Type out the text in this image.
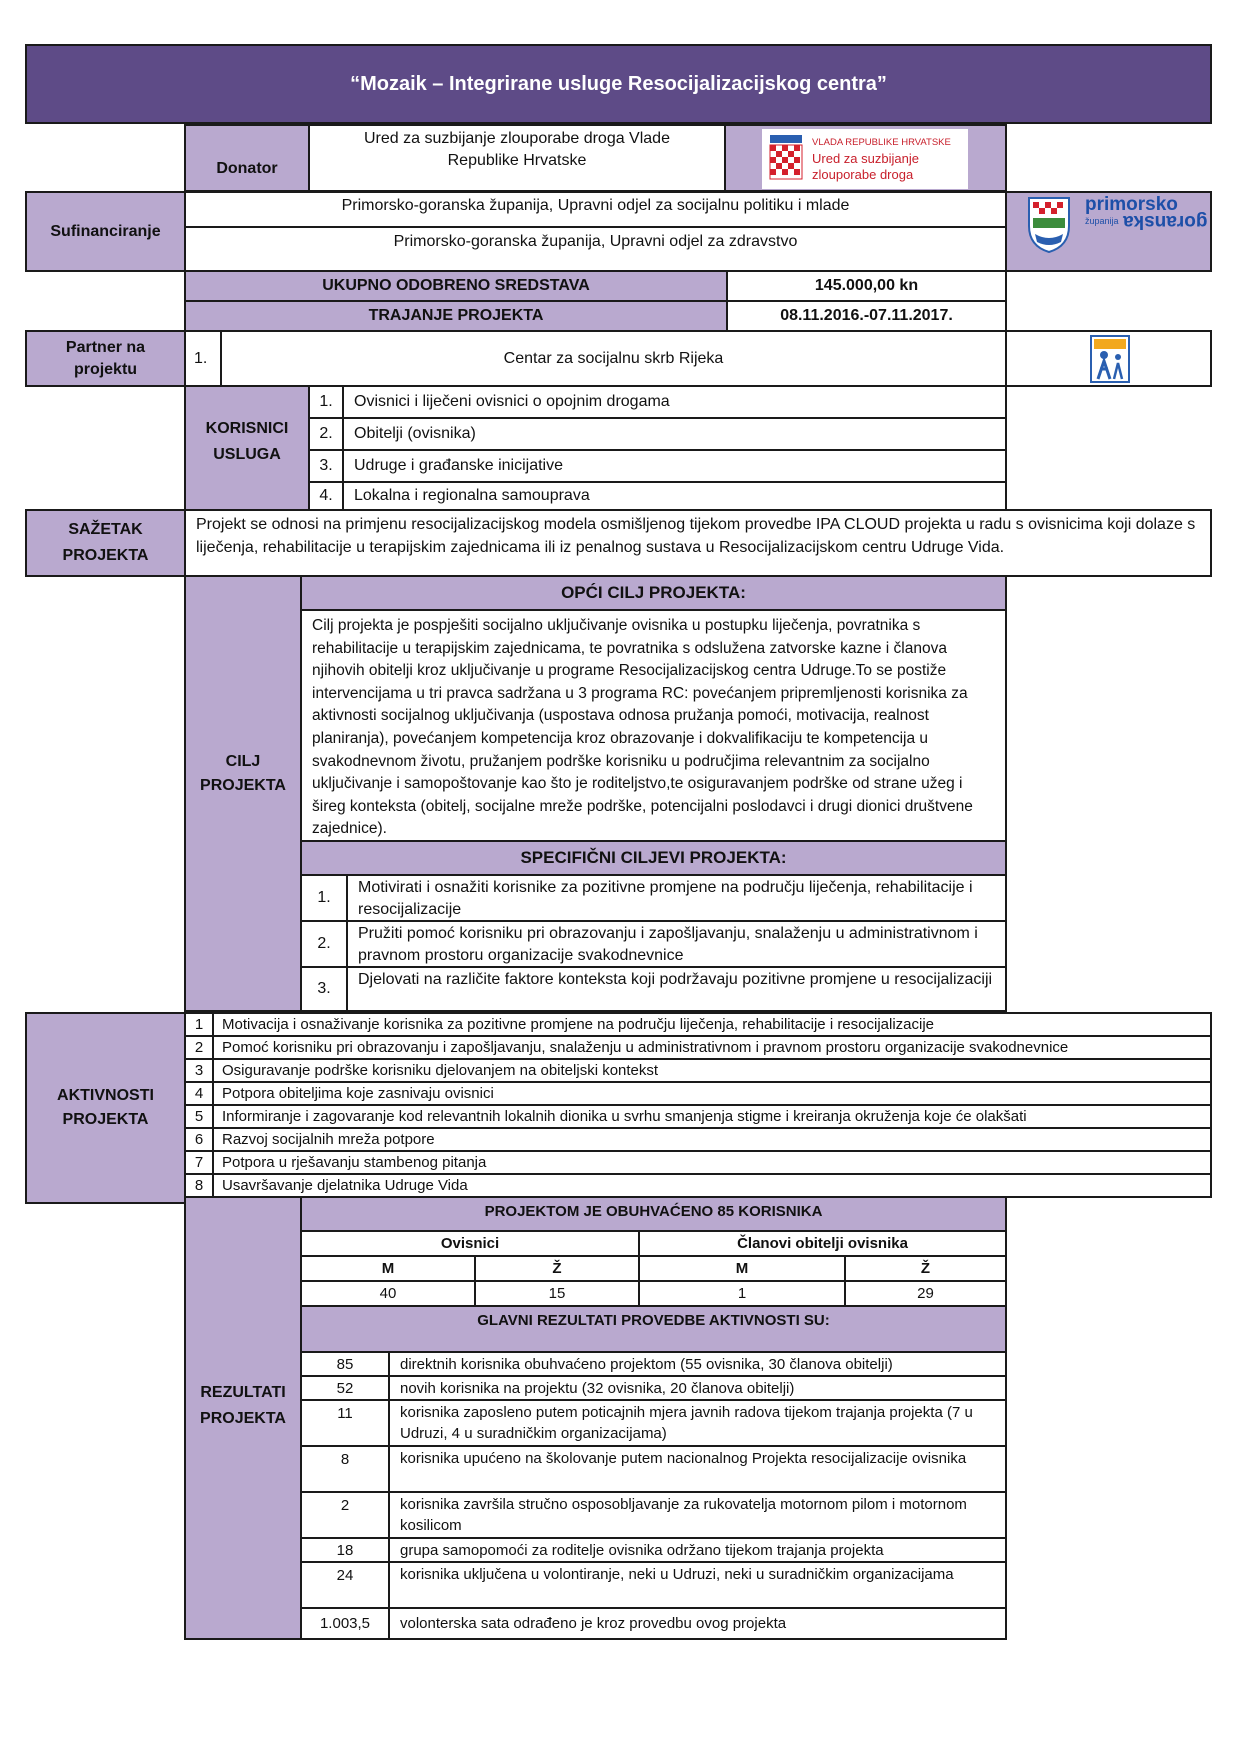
“Mozaik – Integrirane usluge Resocijalizacijskog centra”
Donator
Ured za suzbijanje zlouporabe droga Vlade
Republike Hrvatske
VLADA REPUBLIKE HRVATSKE
Ured za suzbijanje
zlouporabe droga
Sufinanciranje
Primorsko-goranska županija, Upravni odjel za socijalnu politiku i mlade
Primorsko-goranska županija, Upravni odjel za zdravstvo
primorsko
županija goranska
UKUPNO ODOBRENO SREDSTAVA	145.000,00 kn
TRAJANJE PROJEKTA	08.11.2016.-07.11.2017.
Partner na
projektu
1.	Centar za socijalnu skrb Rijeka
KORISNICI
USLUGA
1. Ovisnici i liječeni ovisnici o opojnim drogama
2. Obitelji (ovisnika)
3. Udruge i građanske inicijative
4. Lokalna i regionalna samouprava
SAŽETAK
PROJEKTA
Projekt se odnosi na primjenu resocijalizacijskog modela osmišljenog tijekom provedbe IPA CLOUD projekta u radu s ovisnicima koji dolaze s liječenja, rehabilitacije u terapijskim zajednicama ili iz penalnog sustava u Resocijalizacijskom centru Udruge Vida.
CILJ
PROJEKTA
OPĆI CILJ PROJEKTA:
Cilj projekta je pospješiti socijalno uključivanje ovisnika u postupku liječenja, povratnika s rehabilitacije u terapijskim zajednicama, te povratnika s odslužena zatvorske kazne i članova njihovih obitelji kroz uključivanje u programe Resocijalizacijskog centra Udruge.To se postiže intervencijama u tri pravca sadržana u 3 programa RC: povećanjem pripremljenosti korisnika za aktivnosti socijalnog uključivanja (uspostava odnosa pružanja pomoći, motivacija, realnost planiranja), povećanjem kompetencija kroz obrazovanje i dokvalifikaciju te kompetencija u svakodnevnom životu, pružanjem podrške korisniku u područjima relevantnim za socijalno uključivanje i samopoštovanje kao što je roditeljstvo,te osiguravanjem podrške od strane užeg i šireg konteksta (obitelj, socijalne mreže podrške, potencijalni poslodavci i drugi dionici društvene zajednice).
SPECIFIČNI CILJEVI PROJEKTA:
1.
Motivirati i osnažiti korisnike za pozitivne promjene na području liječenja, rehabilitacije i resocijalizacije
2.
Pružiti pomoć korisniku pri obrazovanju i zapošljavanju, snalaženju u administrativnom i pravnom prostoru organizacije svakodnevnice
3.
Djelovati na različite faktore konteksta koji podržavaju pozitivne promjene u resocijalizaciji
AKTIVNOSTI
PROJEKTA
1 Motivacija i osnaživanje korisnika za pozitivne promjene na području liječenja, rehabilitacije i resocijalizacije
2 Pomoć korisniku pri obrazovanju i zapošljavanju, snalaženju u administrativnom i pravnom prostoru organizacije svakodnevnice
3 Osiguravanje podrške korisniku djelovanjem na obiteljski kontekst
4 Potpora obiteljima koje zasnivaju ovisnici
5 Informiranje i zagovaranje kod relevantnih lokalnih dionika u svrhu smanjenja stigme i kreiranja okruženja koje će olakšati
6 Razvoj socijalnih mreža potpore
7 Potpora u rješavanju stambenog pitanja
8 Usavršavanje djelatnika Udruge Vida
REZULTATI
PROJEKTA
PROJEKTOM JE OBUHVAĆENO 85 KORISNIKA
Ovisnici	Članovi obitelji ovisnika
M	Ž	M	Ž
40	15	1	29
GLAVNI REZULTATI PROVEDBE AKTIVNOSTI SU:
85	direktnih korisnika obuhvaćeno projektom (55 ovisnika, 30 članova obitelji)
52	novih korisnika na projektu (32 ovisnika, 20 članova obitelji)
11	korisnika zaposleno putem poticajnih mjera javnih radova tijekom trajanja projekta (7 u Udruzi, 4 u suradničkim organizacijama)
8	korisnika upućeno na školovanje putem nacionalnog Projekta resocijalizacije ovisnika
2	korisnika završila stručno osposobljavanje za rukovatelja motornom pilom i motornom kosilicom
18	grupa samopomoći za roditelje ovisnika održano tijekom trajanja projekta
24	korisnika uključena u volontiranje, neki u Udruzi, neki u suradničkim organizacijama
1.003,5 volonterska sata odrađeno je kroz provedbu ovog projekta
